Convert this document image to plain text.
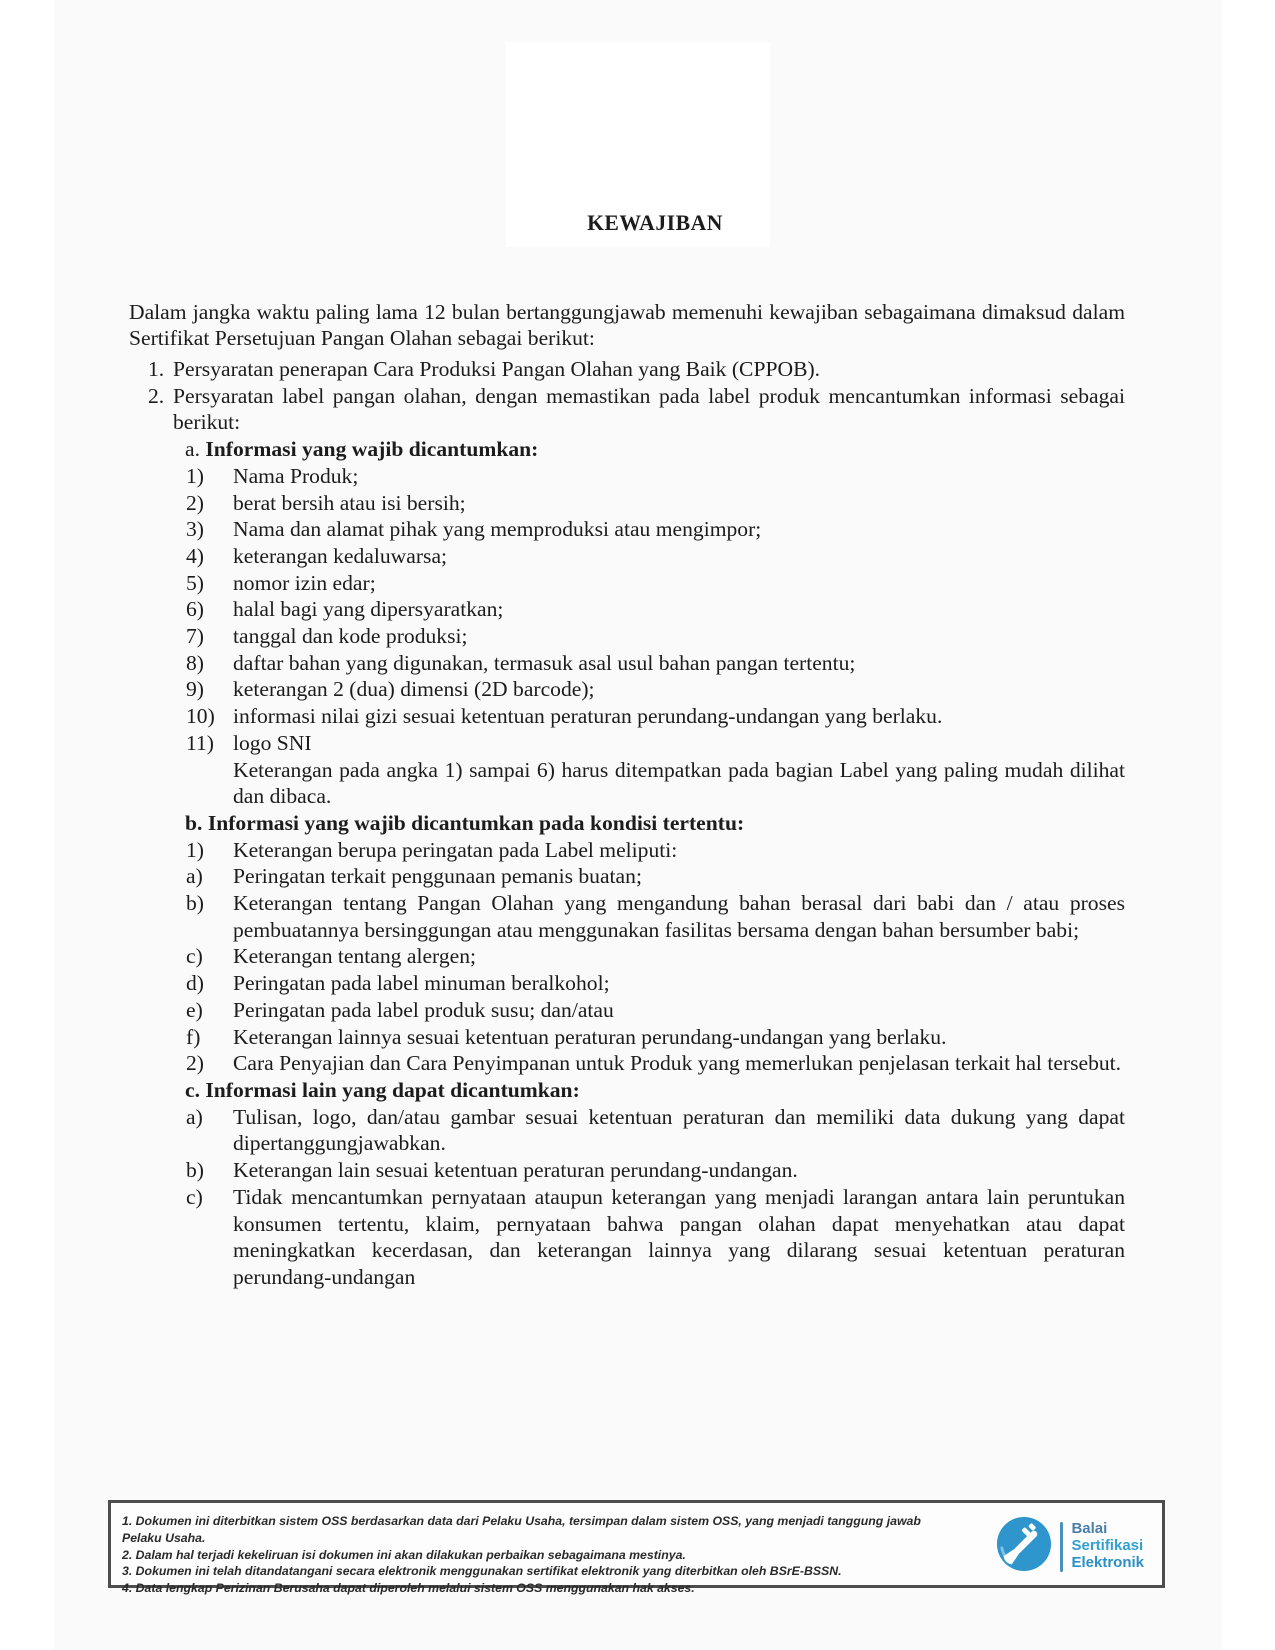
KEWAJIBAN

Dalam jangka waktu paling lama 12 bulan bertanggungjawab memenuhi kewajiban sebagaimana dimaksud dalam Sertifikat Persetujuan Pangan Olahan sebagai berikut:

1. Persyaratan penerapan Cara Produksi Pangan Olahan yang Baik (CPPOB).
2. Persyaratan label pangan olahan, dengan memastikan pada label produk mencantumkan informasi sebagai berikut:
a. Informasi yang wajib dicantumkan:
1) Nama Produk;
2) berat bersih atau isi bersih;
3) Nama dan alamat pihak yang memproduksi atau mengimpor;
4) keterangan kedaluwarsa;
5) nomor izin edar;
6) halal bagi yang dipersyaratkan;
7) tanggal dan kode produksi;
8) daftar bahan yang digunakan, termasuk asal usul bahan pangan tertentu;
9) keterangan 2 (dua) dimensi (2D barcode);
10) informasi nilai gizi sesuai ketentuan peraturan perundang-undangan yang berlaku.
11) logo SNI
Keterangan pada angka 1) sampai 6) harus ditempatkan pada bagian Label yang paling mudah dilihat dan dibaca.
b. Informasi yang wajib dicantumkan pada kondisi tertentu:
1) Keterangan berupa peringatan pada Label meliputi:
a) Peringatan terkait penggunaan pemanis buatan;
b) Keterangan tentang Pangan Olahan yang mengandung bahan berasal dari babi dan / atau proses pembuatannya bersinggungan atau menggunakan fasilitas bersama dengan bahan bersumber babi;
c) Keterangan tentang alergen;
d) Peringatan pada label minuman beralkohol;
e) Peringatan pada label produk susu; dan/atau
f) Keterangan lainnya sesuai ketentuan peraturan perundang-undangan yang berlaku.
2) Cara Penyajian dan Cara Penyimpanan untuk Produk yang memerlukan penjelasan terkait hal tersebut.
c. Informasi lain yang dapat dicantumkan:
a) Tulisan, logo, dan/atau gambar sesuai ketentuan peraturan dan memiliki data dukung yang dapat dipertanggungjawabkan.
b) Keterangan lain sesuai ketentuan peraturan perundang-undangan.
c) Tidak mencantumkan pernyataan ataupun keterangan yang menjadi larangan antara lain peruntukan konsumen tertentu, klaim, pernyataan bahwa pangan olahan dapat menyehatkan atau dapat meningkatkan kecerdasan, dan keterangan lainnya yang dilarang sesuai ketentuan peraturan perundang-undangan
1. Dokumen ini diterbitkan sistem OSS berdasarkan data dari Pelaku Usaha, tersimpan dalam sistem OSS, yang menjadi tanggung jawab Pelaku Usaha.
2. Dalam hal terjadi kekeliruan isi dokumen ini akan dilakukan perbaikan sebagaimana mestinya.
3. Dokumen ini telah ditandatangani secara elektronik menggunakan sertifikat elektronik yang diterbitkan oleh BSrE-BSSN.
4. Data lengkap Perizinan Berusaha dapat diperoleh melalui sistem OSS menggunakan hak akses.
Balai
Sertifikasi
Elektronik
